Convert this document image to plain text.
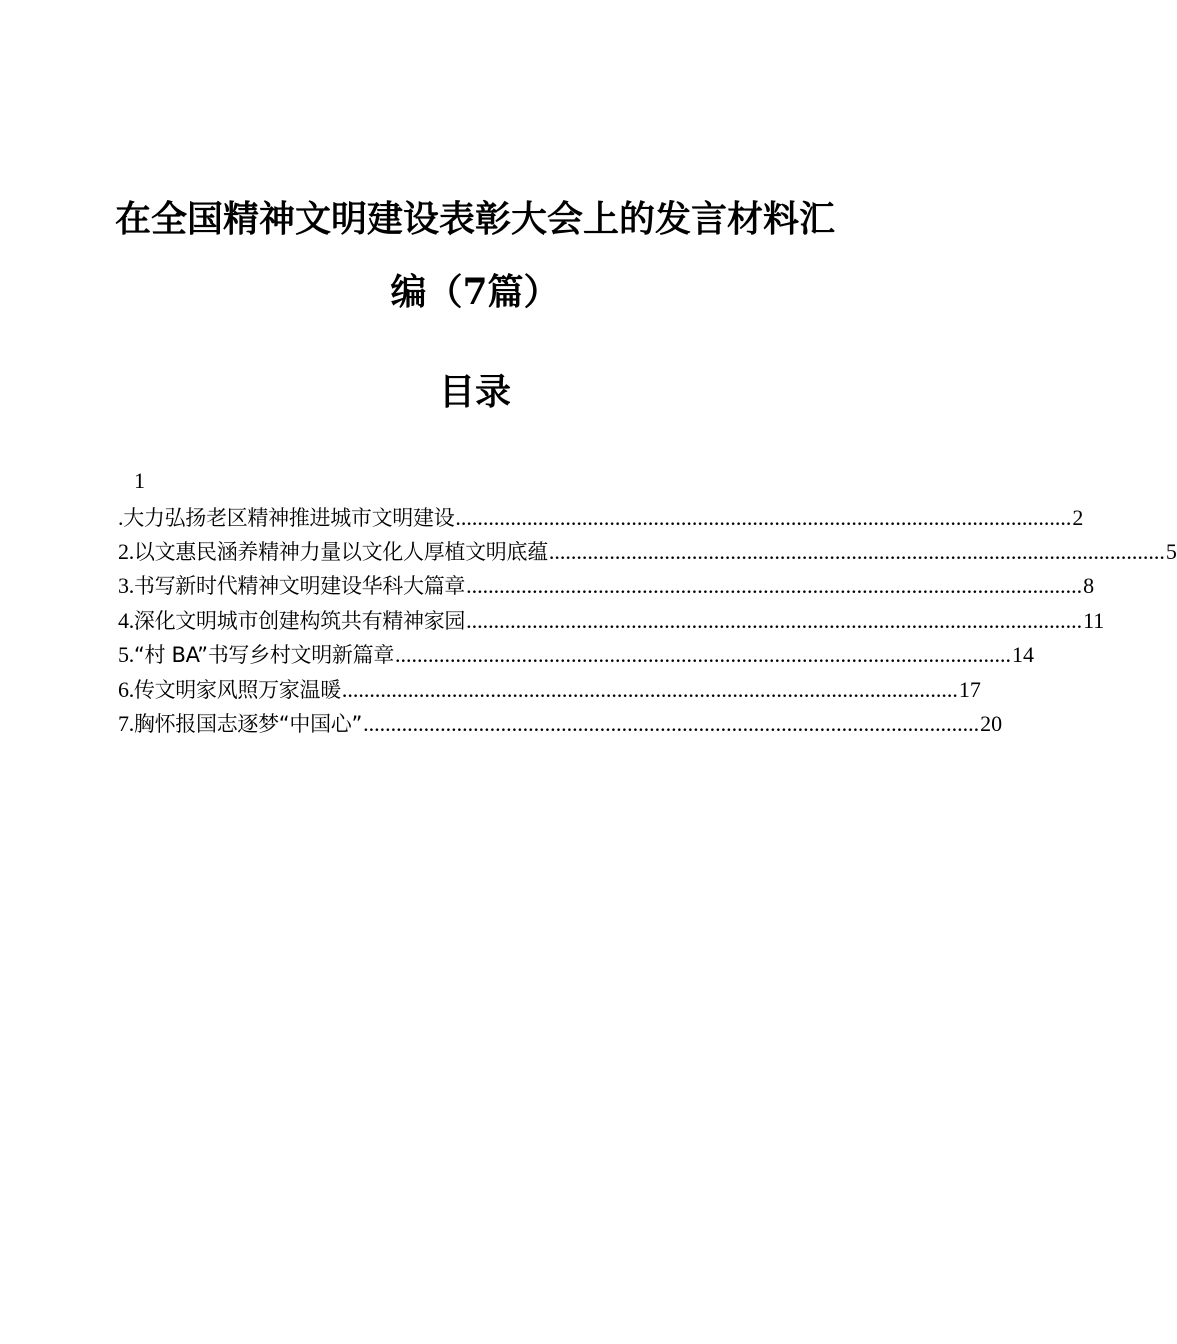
在全国精神文明建设表彰大会上的发言材料汇
编（7篇）
目录
1
.大力弘扬老区精神推进城市文明建设 ................................................................................................................ 2
2.以文惠民涵养精神力量以文化人厚植文明底蕴 ................................................................................................................ 5
3.书写新时代精神文明建设华科大篇章 ................................................................................................................ 8
4.深化文明城市创建构筑共有精神家园 ................................................................................................................ 11
5.“村 BA”书写乡村文明新篇章 ................................................................................................................ 14
6.传文明家风照万家温暖 ................................................................................................................ 17
7.胸怀报国志逐梦“中国心” ................................................................................................................ 20
